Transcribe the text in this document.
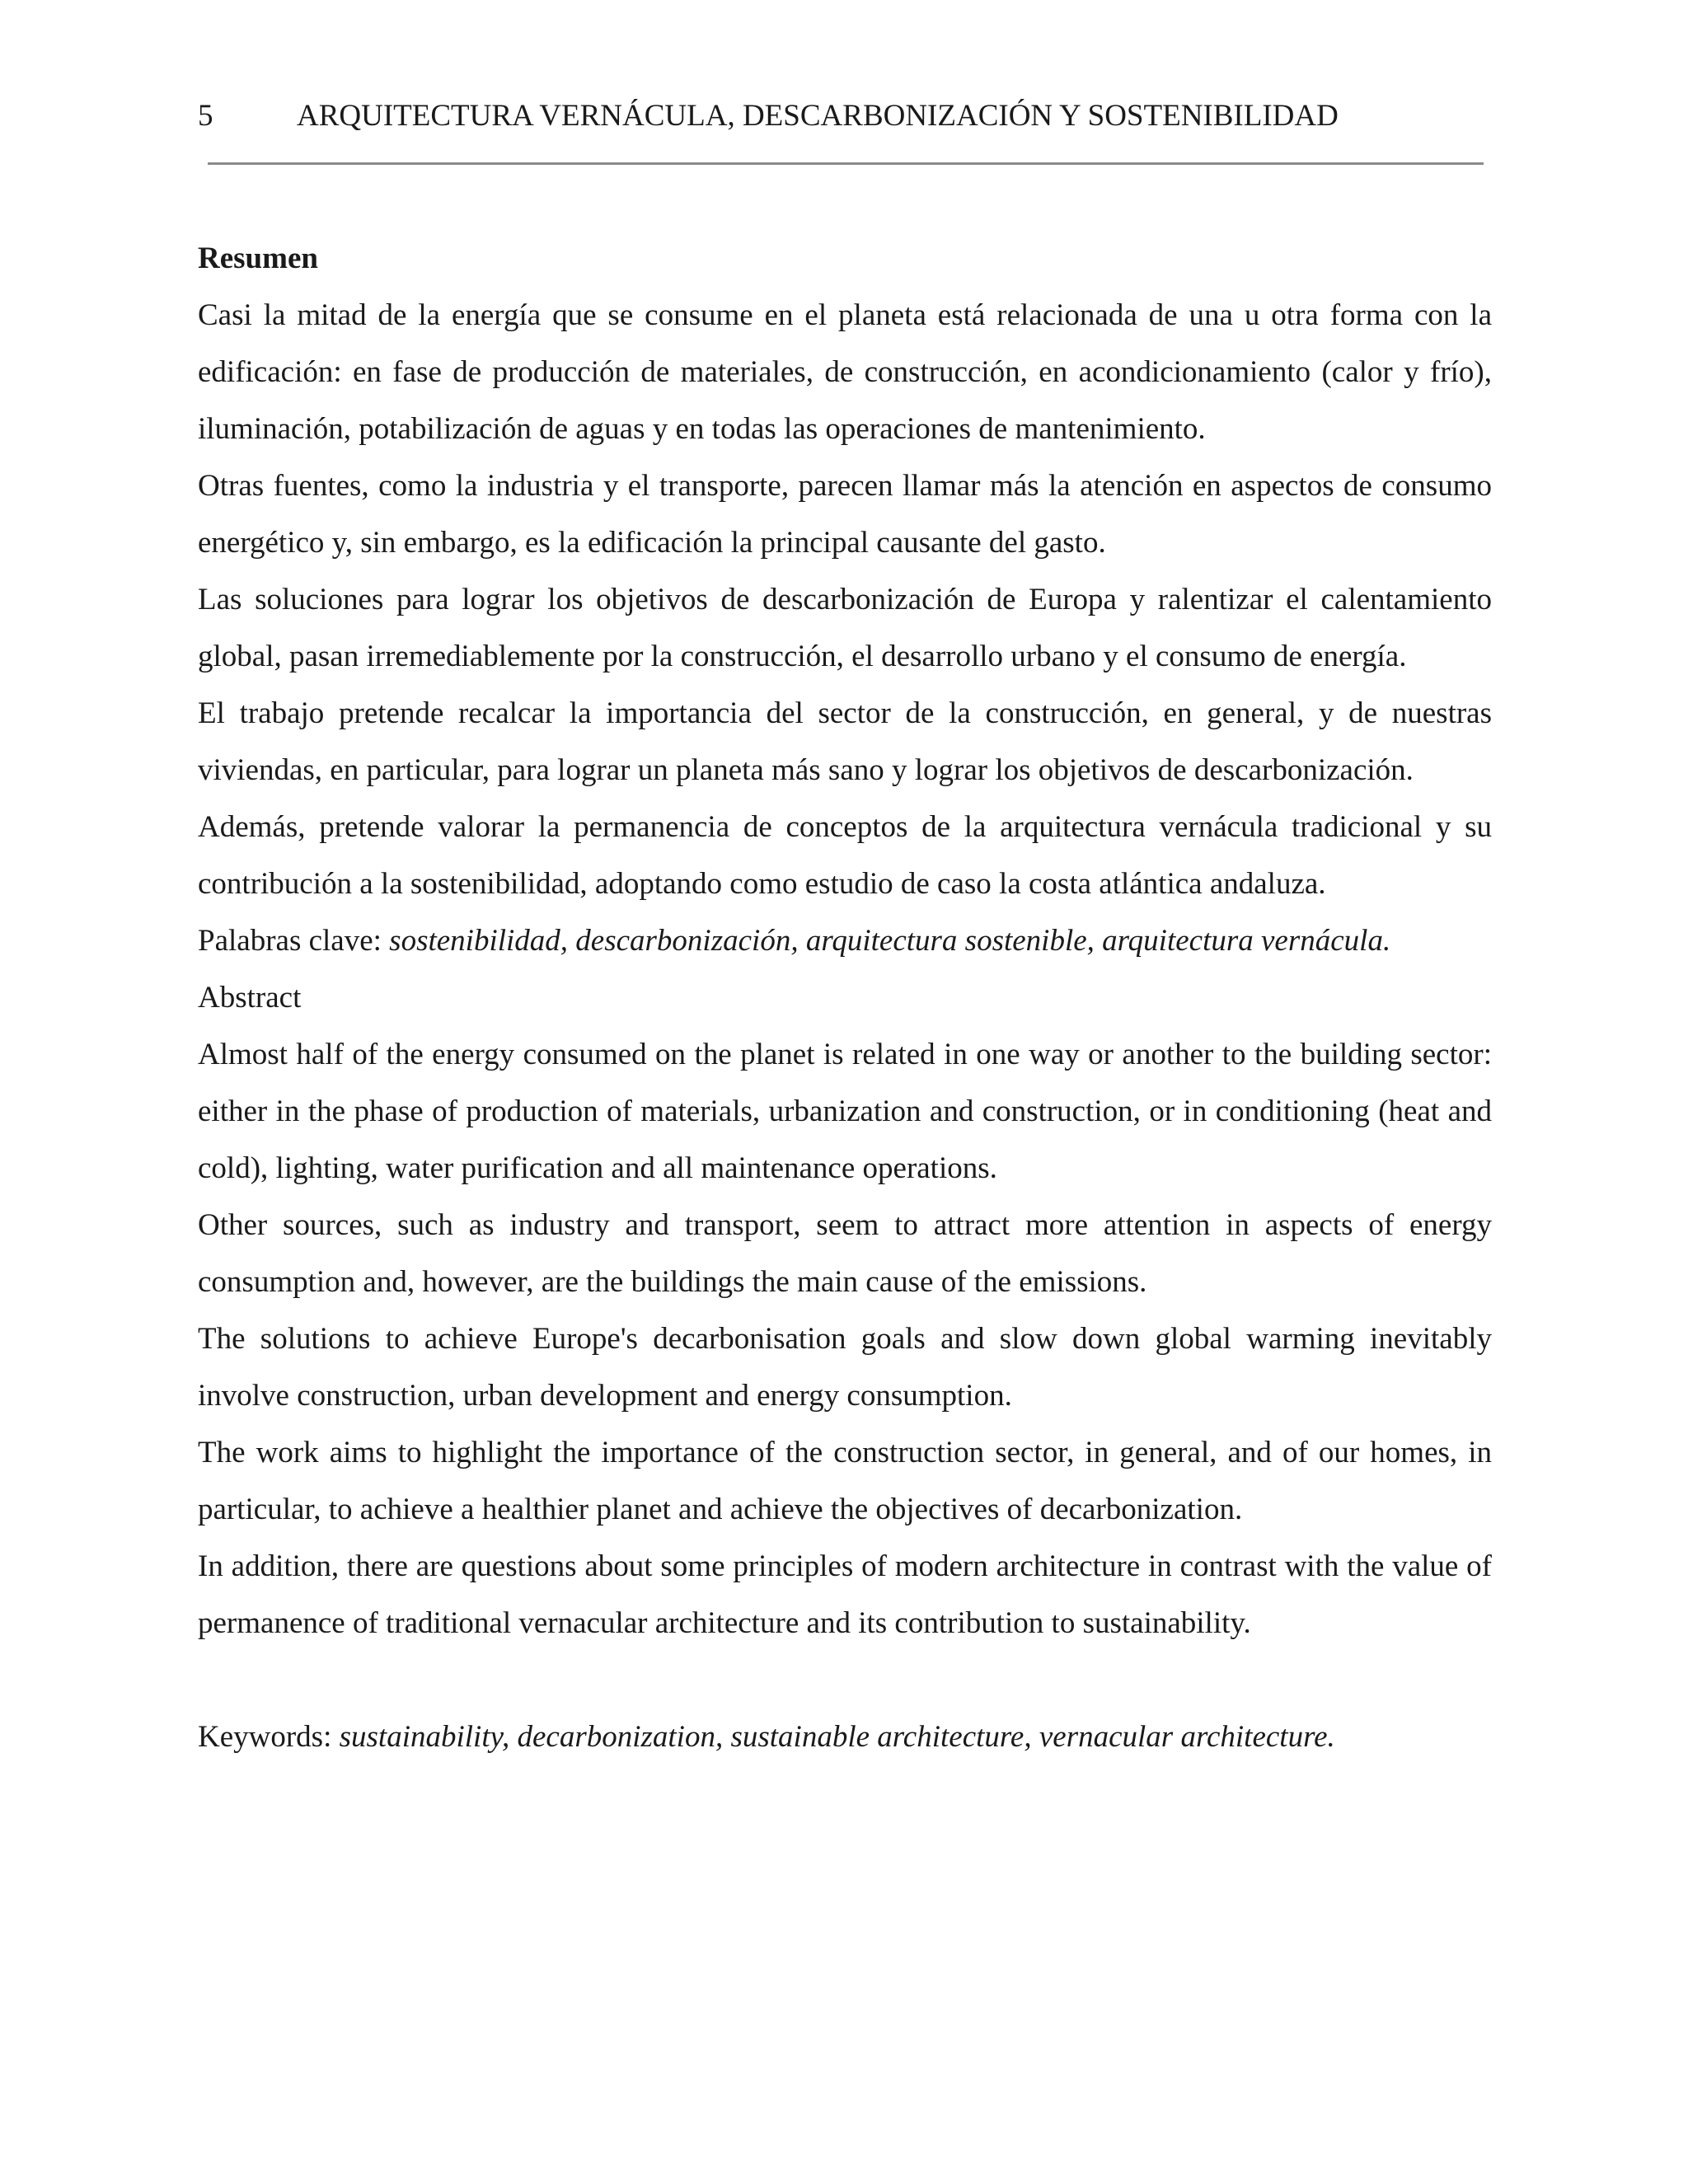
5	ARQUITECTURA VERNÁCULA, DESCARBONIZACIÓN Y SOSTENIBILIDAD

Resumen

Casi la mitad de la energía que se consume en el planeta está relacionada de una u otra forma con la edificación: en fase de producción de materiales, de construcción, en acondicionamiento (calor y frío), iluminación, potabilización de aguas y en todas las operaciones de mantenimiento.

Otras fuentes, como la industria y el transporte, parecen llamar más la atención en aspectos de consumo energético y, sin embargo, es la edificación la principal causante del gasto.

Las soluciones para lograr los objetivos de descarbonización de Europa y ralentizar el calentamiento global, pasan irremediablemente por la construcción, el desarrollo urbano y el consumo de energía.

El trabajo pretende recalcar la importancia del sector de la construcción, en general, y de nuestras viviendas, en particular, para lograr un planeta más sano y lograr los objetivos de descarbonización.

Además, pretende valorar la permanencia de conceptos de la arquitectura vernácula tradicional y su contribución a la sostenibilidad, adoptando como estudio de caso la costa atlántica andaluza.

Palabras clave: sostenibilidad, descarbonización, arquitectura sostenible, arquitectura vernácula.

Abstract

Almost half of the energy consumed on the planet is related in one way or another to the building sector: either in the phase of production of materials, urbanization and construction, or in conditioning (heat and cold), lighting, water purification and all maintenance operations.

Other sources, such as industry and transport, seem to attract more attention in aspects of energy consumption and, however, are the buildings the main cause of the emissions.

The solutions to achieve Europe's decarbonisation goals and slow down global warming inevitably involve construction, urban development and energy consumption.

The work aims to highlight the importance of the construction sector, in general, and of our homes, in particular, to achieve a healthier planet and achieve the objectives of decarbonization.

In addition, there are questions about some principles of modern architecture in contrast with the value of permanence of traditional vernacular architecture and its contribution to sustainability.

Keywords: sustainability, decarbonization, sustainable architecture, vernacular architecture.
